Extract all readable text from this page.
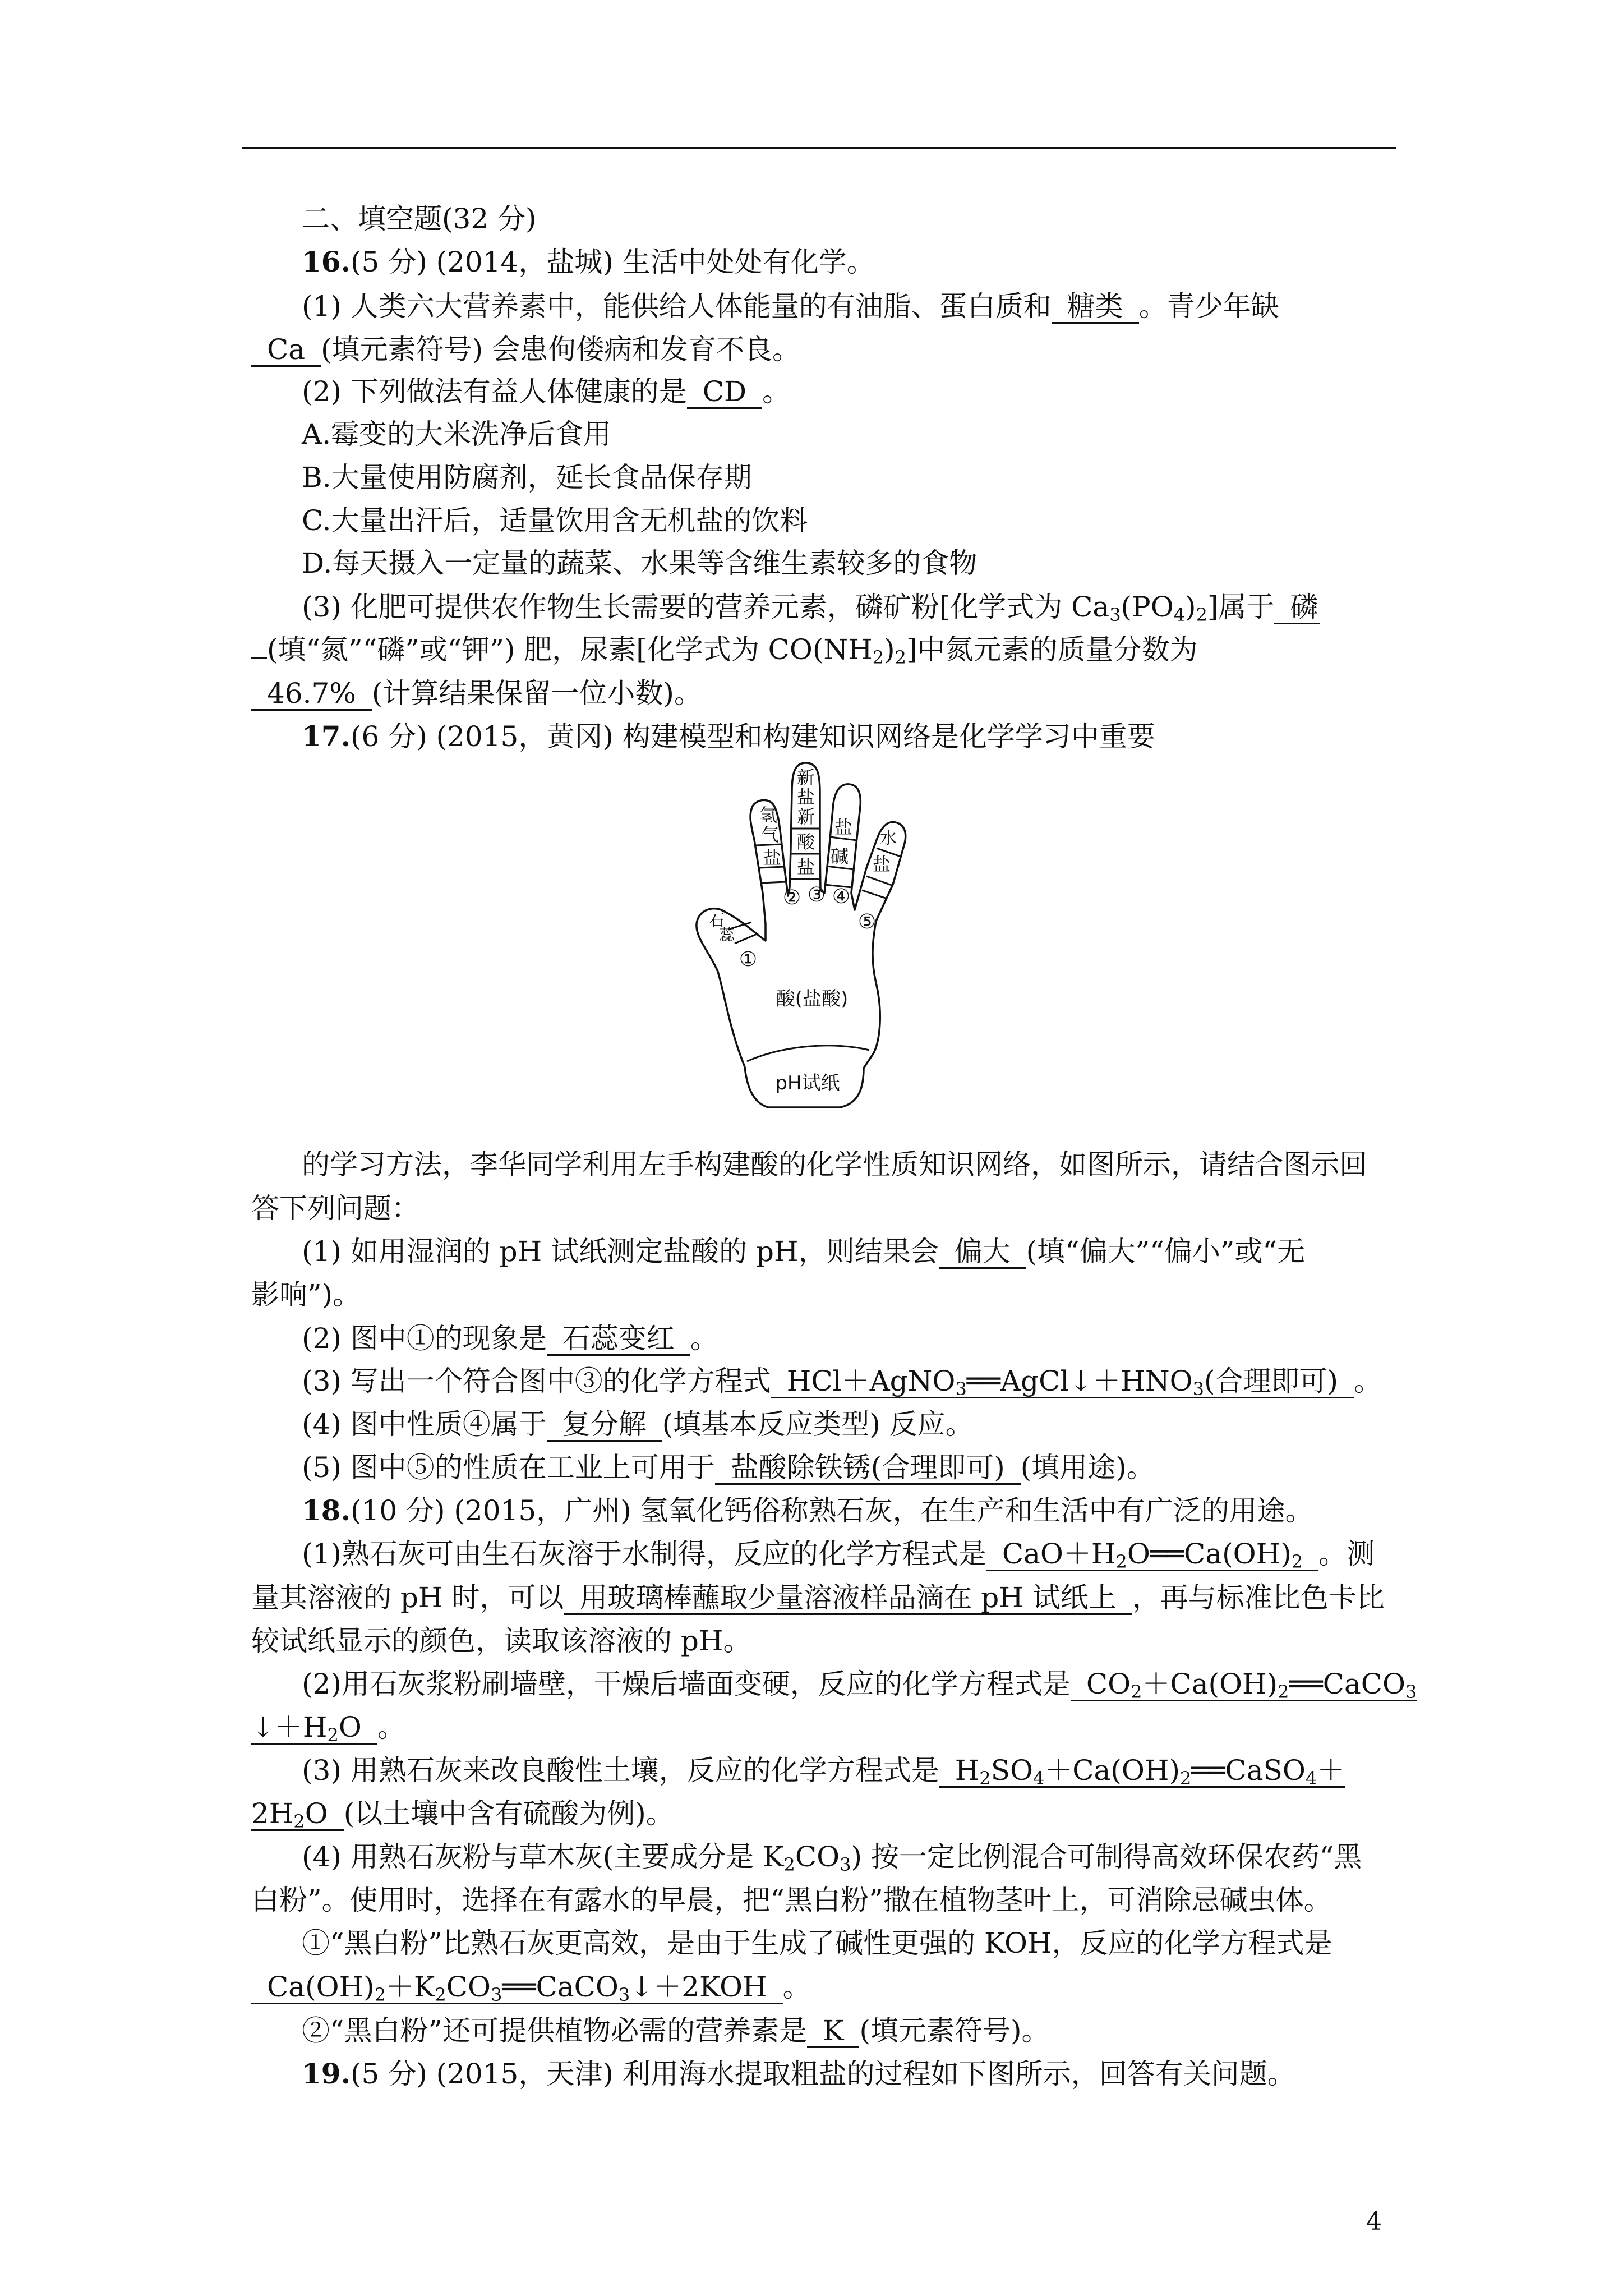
二、填空题(32 分)
16.(5 分) (2014，盐城) 生活中处处有化学。
(1) 人类六大营养素中，能供给人体能量的有油脂、蛋白质和 糖类 。青少年缺
Ca (填元素符号) 会患佝偻病和发育不良。
(2) 下列做法有益人体健康的是 CD 。
A.霉变的大米洗净后食用
B.大量使用防腐剂，延长食品保存期
C.大量出汗后，适量饮用含无机盐的饮料
D.每天摄入一定量的蔬菜、水果等含维生素较多的食物
(3) 化肥可提供农作物生长需要的营养元素，磷矿粉[化学式为 $Ca_3(PO_4)_2$]属于 磷
(填“氮”“磷”或“钾”) 肥，尿素[化学式为 $CO(NH_2)_2$]中氮元素的质量分数为
46.7% (计算结果保留一位小数)。
17.(6 分) (2015，黄冈) 构建模型和构建知识网络是化学学习中重要
氢
气
盐
新
盐
新
酸
盐
盐
碱
水
盐
石
蕊
①
② ③ ④
⑤
酸(盐酸)
pH试纸
的学习方法，李华同学利用左手构建酸的化学性质知识网络，如图所示，请结合图示回
答下列问题：
(1) 如用湿润的 pH 试纸测定盐酸的 pH，则结果会 偏大 (填“偏大”“偏小”或“无
影响”)。
(2) 图中①的现象是 石蕊变红 。
(3) 写出一个符合图中③的化学方程式 $HCl+AgNO_3══AgCl↓+HNO_3$(合理即可) 。
(4) 图中性质④属于 复分解 (填基本反应类型) 反应。
(5) 图中⑤的性质在工业上可用于 盐酸除铁锈(合理即可) (填用途)。
18.(10 分) (2015，广州) 氢氧化钙俗称熟石灰，在生产和生活中有广泛的用途。
(1)熟石灰可由生石灰溶于水制得，反应的化学方程式是 $CaO+H_2O══Ca(OH)_2$ 。测
量其溶液的 pH 时，可以 用玻璃棒蘸取少量溶液样品滴在 pH 试纸上 ，再与标准比色卡比
较试纸显示的颜色，读取该溶液的 pH。
(2)用石灰浆粉刷墙壁，干燥后墙面变硬，反应的化学方程式是 $CO_2+Ca(OH)_2══CaCO_3$
$↓+H_2O$ 。
(3) 用熟石灰来改良酸性土壤，反应的化学方程式是 $H_2SO_4+Ca(OH)_2══CaSO_4+$
$2H_2O$ (以土壤中含有硫酸为例)。
(4) 用熟石灰粉与草木灰(主要成分是 $K_2CO_3$) 按一定比例混合可制得高效环保农药“黑
白粉”。使用时，选择在有露水的早晨，把“黑白粉”撒在植物茎叶上，可消除忌碱虫体。
①“黑白粉”比熟石灰更高效，是由于生成了碱性更强的 KOH，反应的化学方程式是
$Ca(OH)_2+K_2CO_3══CaCO_3↓+2KOH$ 。
②“黑白粉”还可提供植物必需的营养素是 K (填元素符号)。
19.(5 分) (2015，天津) 利用海水提取粗盐的过程如下图所示，回答有关问题。
4
